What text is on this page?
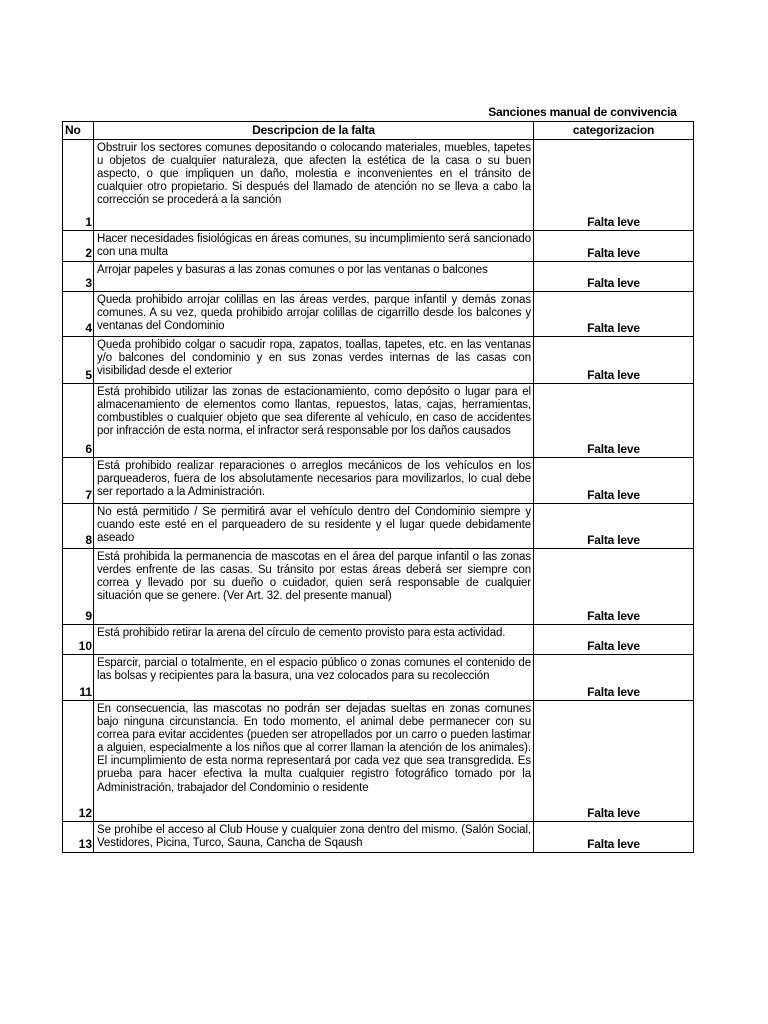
Sanciones manual de convivencia
No	Descripcion de la falta	categorizacion
1	Obstruir los sectores comunes depositando o colocando materiales, muebles, tapetes u objetos de cualquier naturaleza, que afecten la estética de la casa o su buen aspecto, o que impliquen un daño, molestia e inconvenientes en el tránsito de cualquier otro propietario. Si después del llamado de atención no se lleva a cabo la corrección se procederá a la sanción	Falta leve
2	Hacer necesidades fisiológicas en áreas comunes, su incumplimiento será sancionado con una multa	Falta leve
3	Arrojar papeles y basuras a las zonas comunes o por las ventanas o balcones	Falta leve
4	Queda prohibido arrojar colillas en las áreas verdes, parque infantil y demás zonas comunes. A su vez, queda prohibido arrojar colillas de cigarrillo desde los balcones y ventanas del Condominio	Falta leve
5	Queda prohibido colgar o sacudir ropa, zapatos, toallas, tapetes, etc. en las ventanas y/o balcones del condominio y en sus zonas verdes internas de las casas con visibilidad desde el exterior	Falta leve
6	Está prohibido utilizar las zonas de estacionamiento, como depósito o lugar para el almacenamiento de elementos como llantas, repuestos, latas, cajas, herramientas, combustibles o cualquier objeto que sea diferente al vehículo, en caso de accidentes por infracción de esta norma, el infractor será responsable por los daños causados	Falta leve
7	Está prohibido realizar reparaciones o arreglos mecánicos de los vehículos en los parqueaderos, fuera de los absolutamente necesarios para movilizarlos, lo cual debe ser reportado a la Administración.	Falta leve
8	No está permitido / Se permitirá avar el vehículo dentro del Condominio siempre y cuando este esté en el parqueadero de su residente y el lugar quede debidamente aseado	Falta leve
9	Está prohibida la permanencia de mascotas en el área del parque infantil o las zonas verdes enfrente de las casas. Su tránsito por estas áreas deberá ser siempre con correa y llevado por su dueño o cuidador, quien será responsable de cualquier situación que se genere. (Ver Art. 32. del presente manual)	Falta leve
10	Está prohibido retirar la arena del círculo de cemento provisto para esta actividad.	Falta leve
11	Esparcir, parcial o totalmente, en el espacio público o zonas comunes el contenido de las bolsas y recipientes para la basura, una vez colocados para su recolección	Falta leve
12	En consecuencia, las mascotas no podrán ser dejadas sueltas en zonas comunes bajo ninguna circunstancia. En todo momento, el animal debe permanecer con su correa para evitar accidentes (pueden ser atropellados por un carro o pueden lastimar a alguien, especialmente a los niños que al correr llaman la atención de los animales). El incumplimiento de esta norma representará por cada vez que sea transgredida. Es prueba para hacer efectiva la multa cualquier registro fotográfico tomado por la Administración, trabajador del Condominio o residente	Falta leve
13	Se prohíbe el acceso al Club House y cualquier zona dentro del mismo. (Salón Social, Vestidores, Picina, Turco, Sauna, Cancha de Sqaush	Falta leve
